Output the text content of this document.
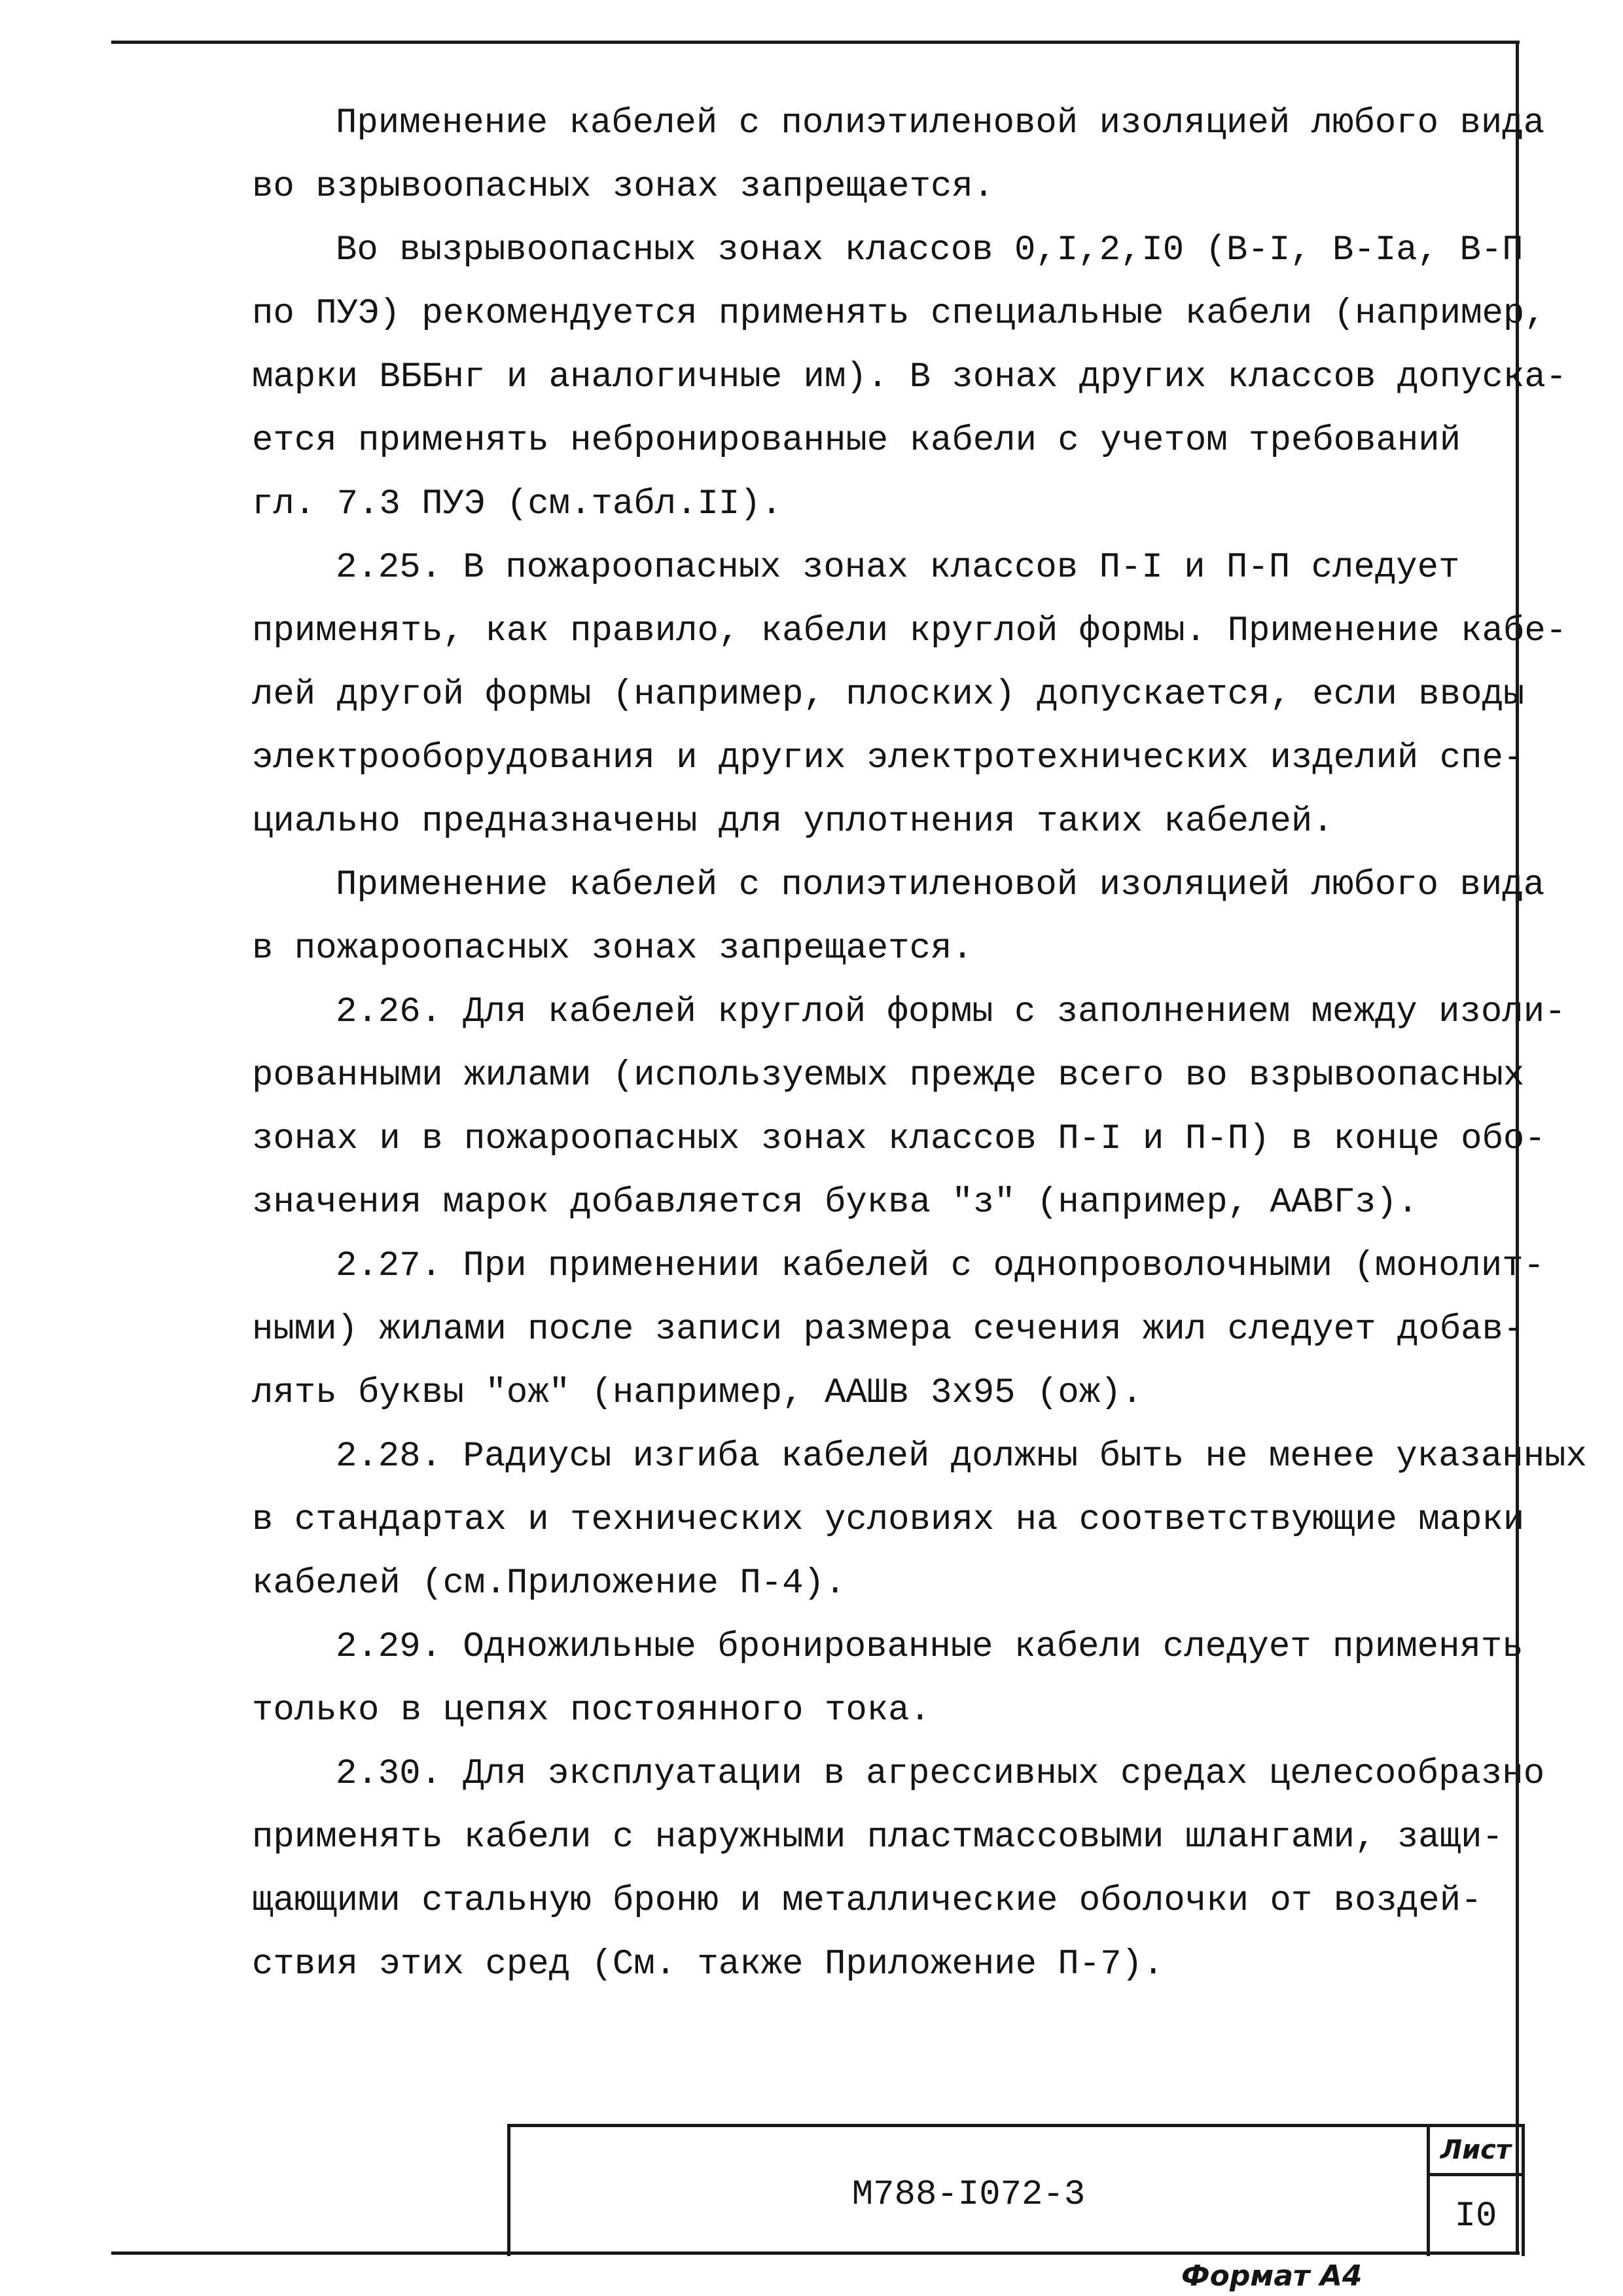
Применение кабелей с полиэтиленовой изоляцией любого вида
во взрывоопасных зонах запрещается.

Во вызрывоопасных зонах классов 0,I,2,I0 (В-I, В-Iа, В-П
по ПУЭ) рекомендуется применять специальные кабели (например,
марки ВББнг и аналогичные им). В зонах других классов допуска-
ется применять небронированные кабели с учетом требований
гл. 7.3 ПУЭ (см.табл.II).

2.25. В пожароопасных зонах классов П-I и П-П следует
применять, как правило, кабели круглой формы. Применение кабе-
лей другой формы (например, плоских) допускается, если вводы
электрооборудования и других электротехнических изделий спе-
циально предназначены для уплотнения таких кабелей.

Применение кабелей с полиэтиленовой изоляцией любого вида
в пожароопасных зонах запрещается.

2.26. Для кабелей круглой формы с заполнением между изоли-
рованными жилами (используемых прежде всего во взрывоопасных
зонах и в пожароопасных зонах классов П-I и П-П) в конце обо-
значения марок добавляется буква "з" (например, ААВГз).

2.27. При применении кабелей с однопроволочными (монолит-
ными) жилами после записи размера сечения жил следует добав-
лять буквы "ож" (например, ААШв 3х95 (ож).

2.28. Радиусы изгиба кабелей должны быть не менее указанных
в стандартах и технических условиях на соответствующие марки
кабелей (см.Приложение П-4).

2.29. Одножильные бронированные кабели следует применять
только в цепях постоянного тока.

2.30. Для эксплуатации в агрессивных средах целесообразно
применять кабели с наружными пластмассовыми шлангами, защи-
щающими стальную броню и металлические оболочки от воздей-
ствия этих сред (См. также Приложение П-7).

М788-I072-3
Лист
I0
Формат А4
